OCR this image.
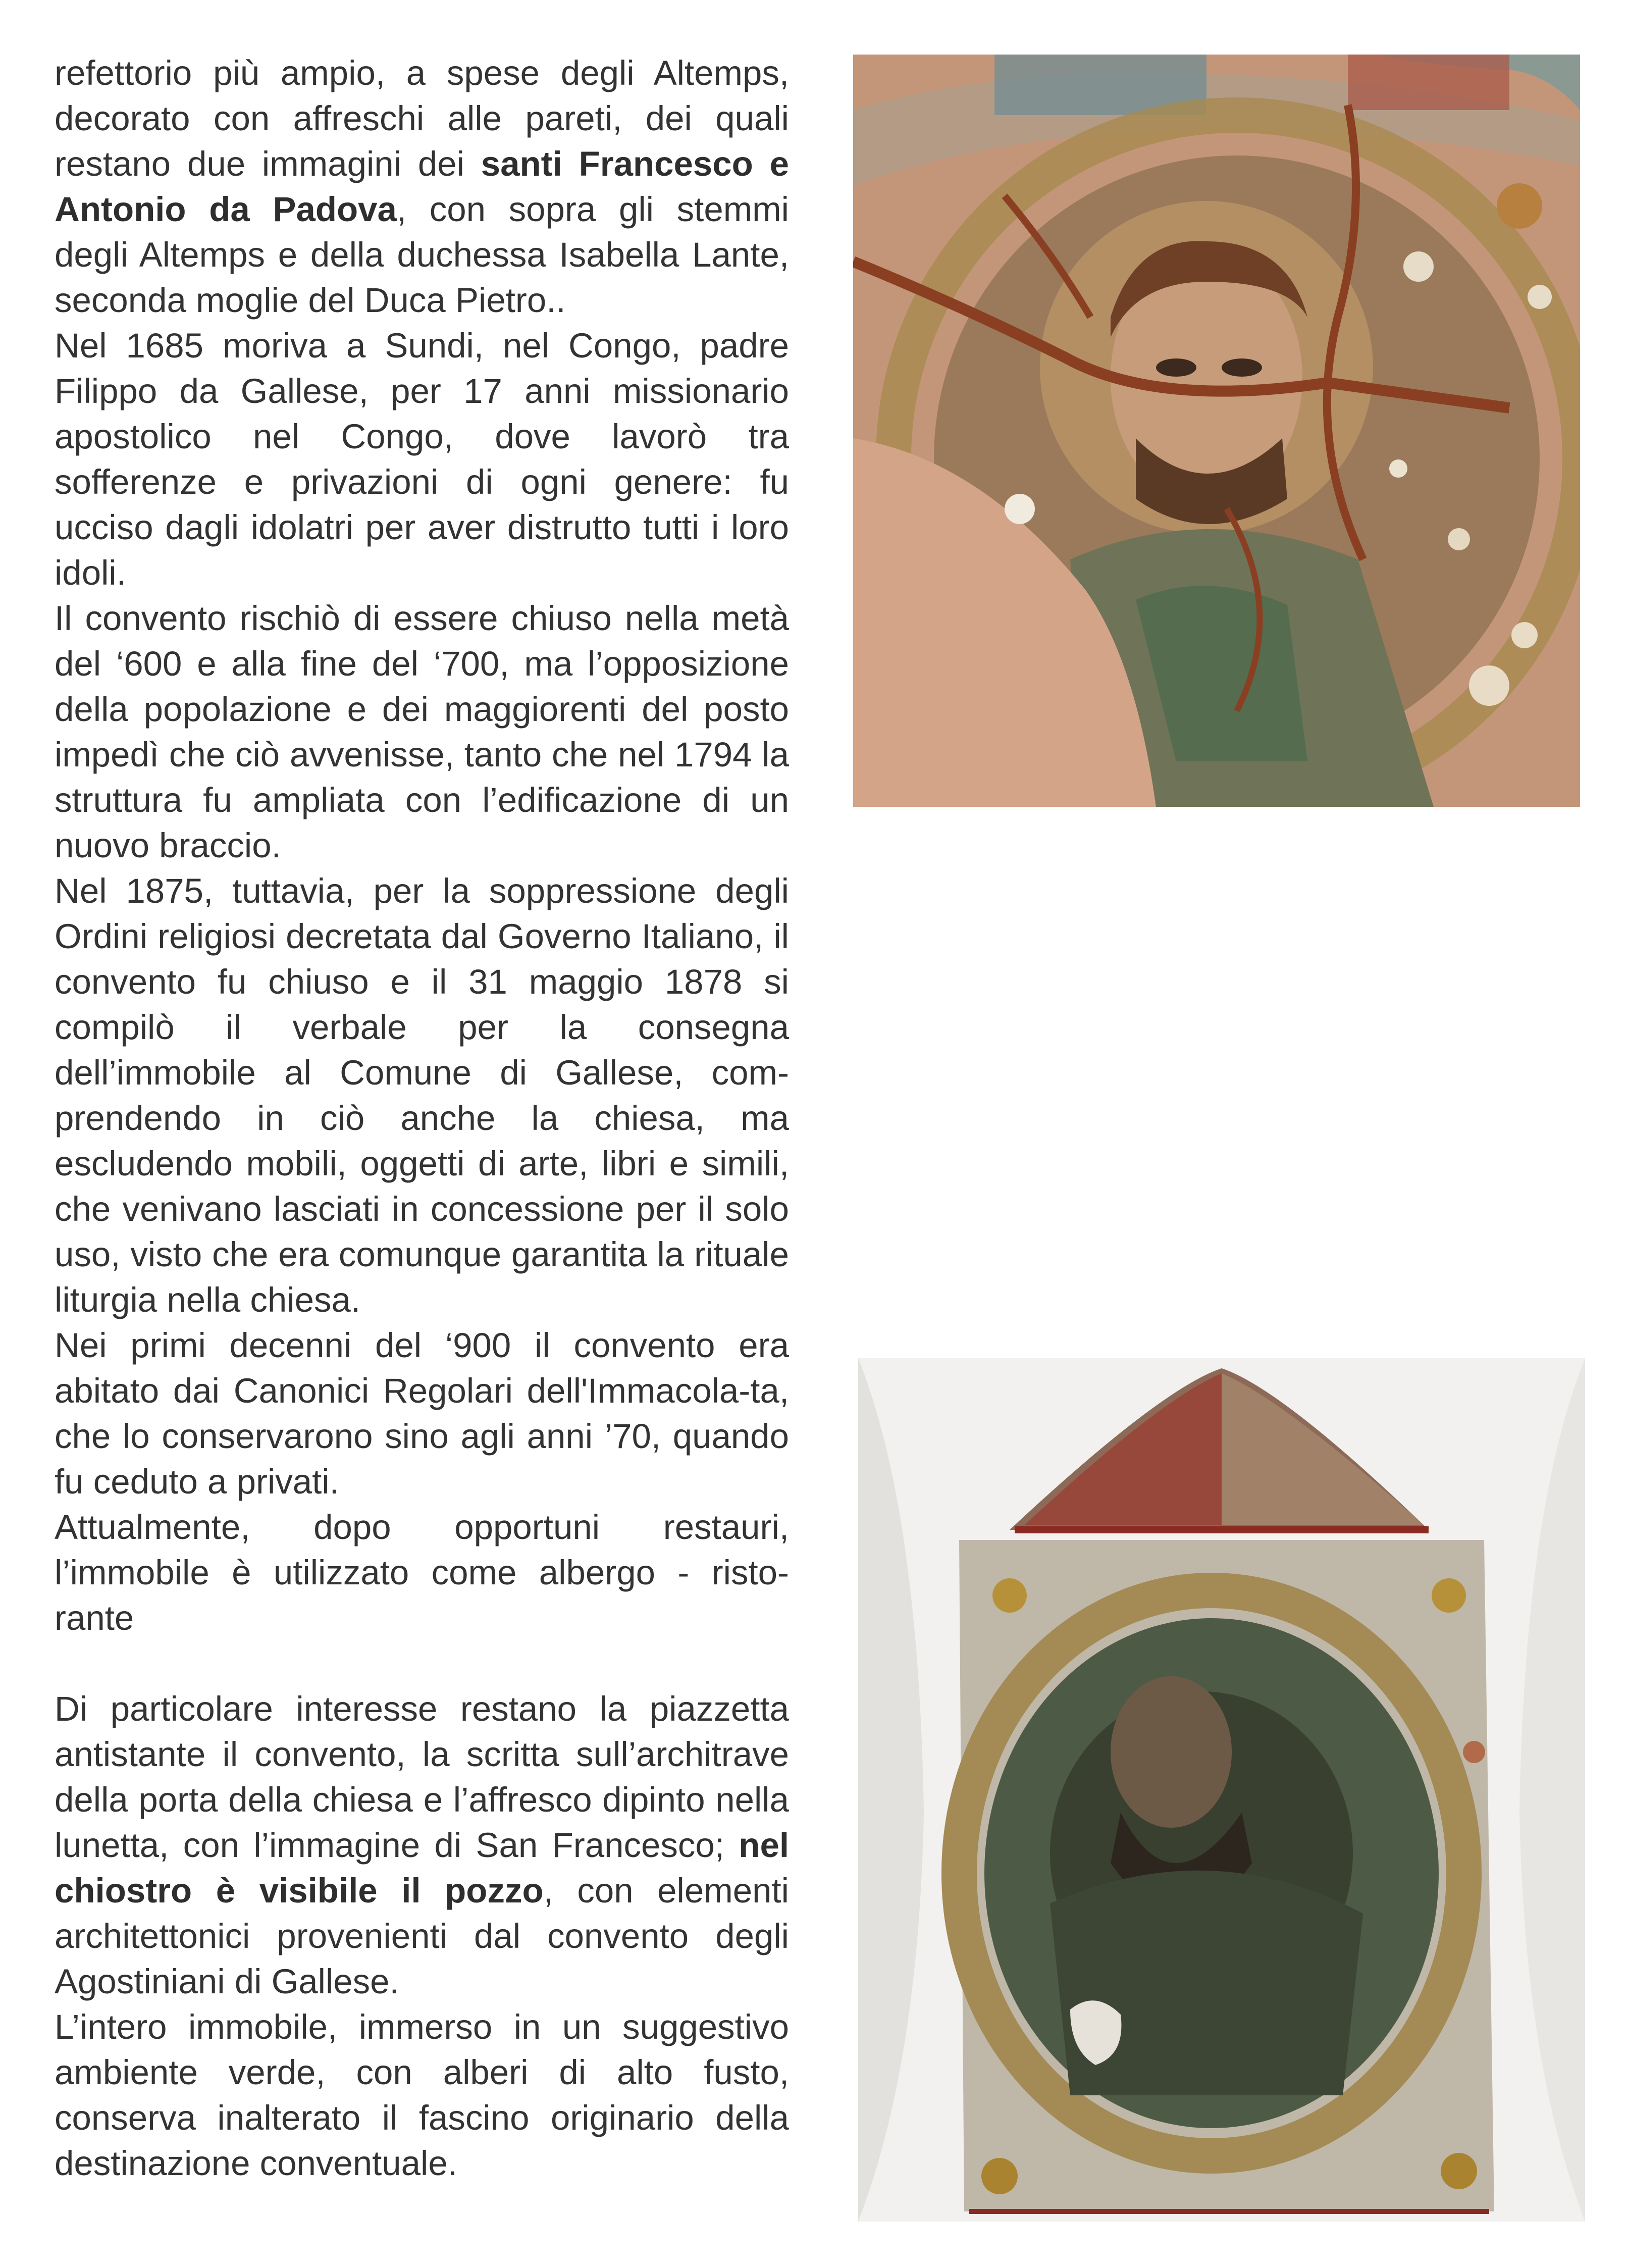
refettorio più ampio, a spese degli Altemps, decorato con affreschi alle pareti, dei quali restano due immagini dei santi Francesco e Antonio da Padova, con sopra gli stemmi degli Altemps e della duchessa Isabella Lante, seconda moglie del Duca Pietro..

Nel 1685 moriva a Sundi, nel Congo, padre Filippo da Gallese, per 17 anni missionario apostolico nel Congo, dove lavorò tra sofferenze e privazioni di ogni genere: fu ucciso dagli idolatri per aver distrutto tutti i loro idoli.

Il convento rischiò di essere chiuso nella metà del ‘600 e alla fine del ‘700, ma l’opposizione della popolazione e dei maggiorenti del posto impedì che ciò avvenisse, tanto che nel 1794 la struttura fu ampliata con l’edificazione di un nuovo braccio.

Nel 1875, tuttavia, per la soppressione degli Ordini religiosi decretata dal Governo Italiano, il convento fu chiuso e il 31 maggio 1878 si compilò il verbale per la consegna dell’immobile al Comune di Gallese, com-prendendo in ciò anche la chiesa, ma escludendo mobili, oggetti di arte, libri e simili, che venivano lasciati in concessione per il solo uso, visto che era comunque garantita la rituale liturgia nella chiesa.

Nei primi decenni del ‘900 il convento era abitato dai Canonici Regolari dell'Immacola-ta, che lo conservarono sino agli anni ’70, quando fu ceduto a privati.

Attualmente, dopo opportuni restauri, l’immobile è utilizzato come albergo - risto-rante

Di particolare interesse restano la piazzetta antistante il convento, la scritta sull’architrave della porta della chiesa e l’affresco dipinto nella lunetta, con l’immagine di San Francesco; nel chiostro è visibile il pozzo, con elementi architettonici provenienti dal convento degli Agostiniani di Gallese.

L’intero immobile, immerso in un suggestivo ambiente verde, con alberi di alto fusto, conserva inalterato il fascino originario della destinazione conventuale.
